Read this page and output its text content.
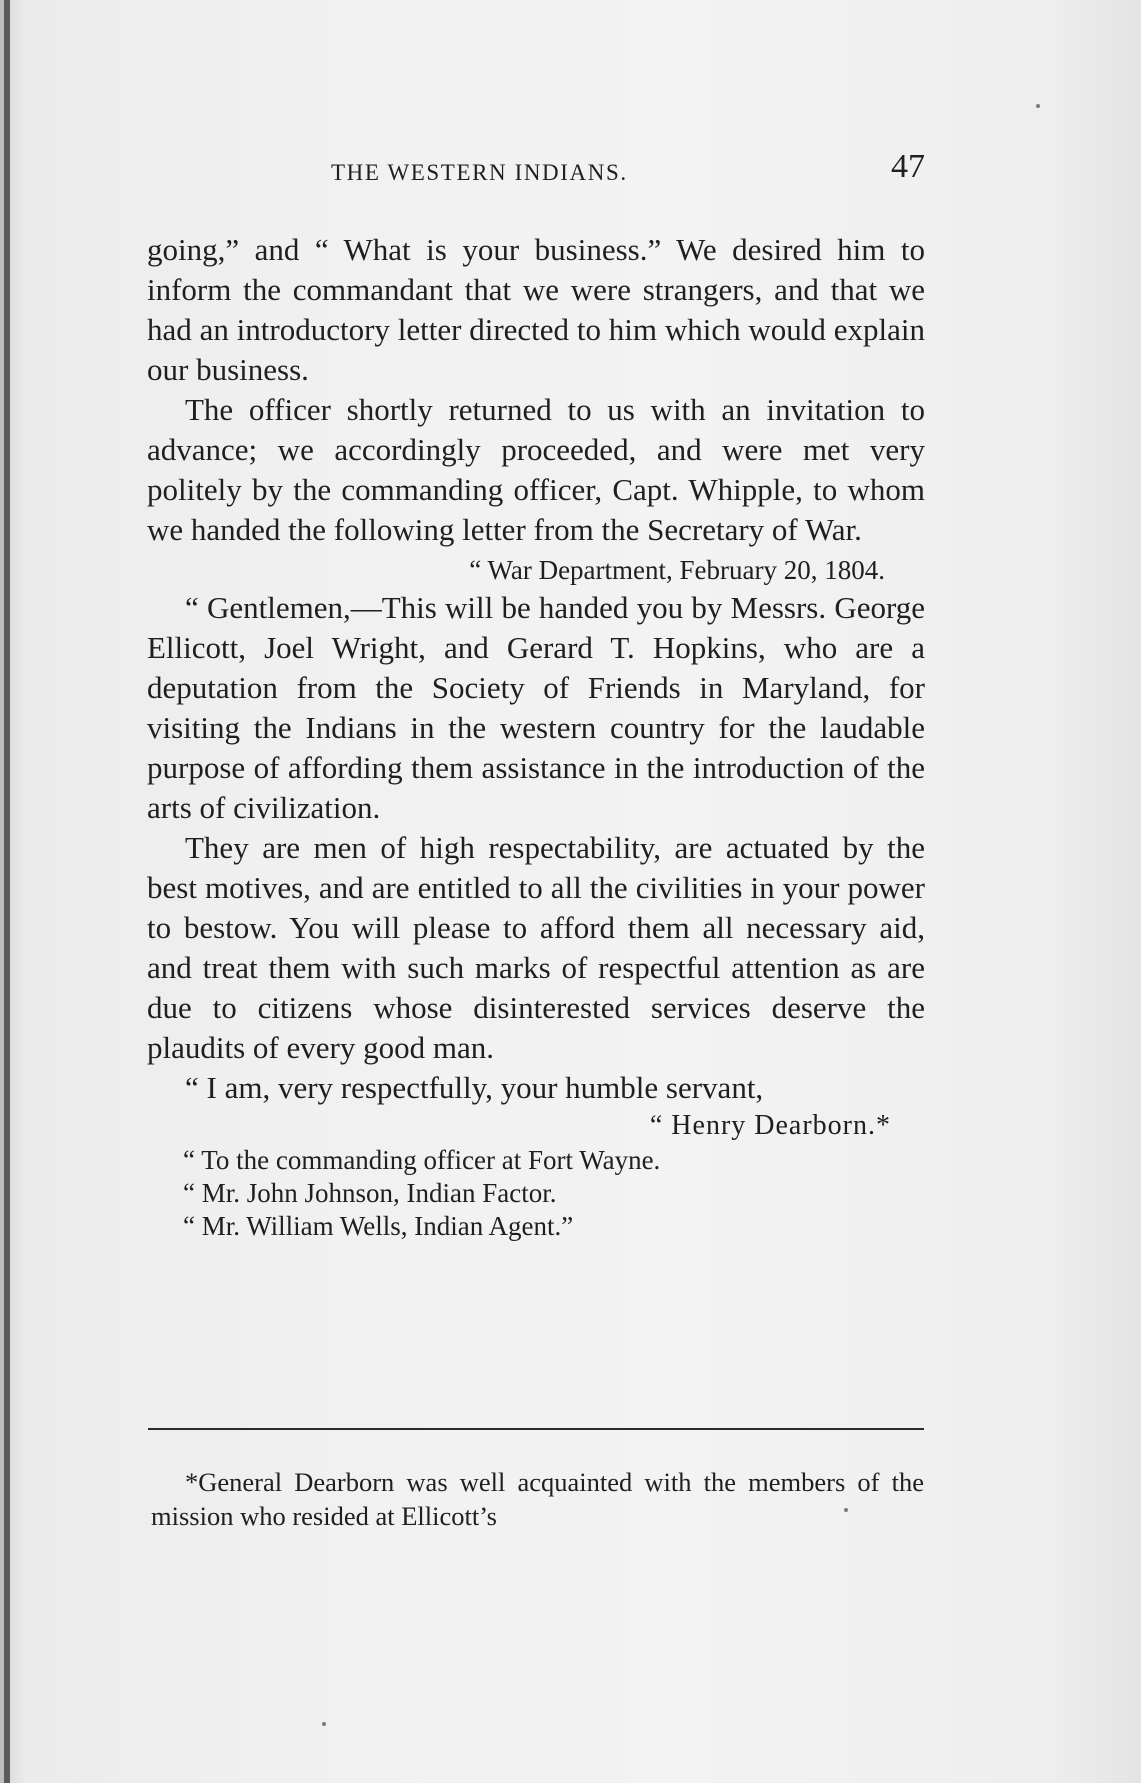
THE WESTERN INDIANS.	47

going,” and “ What is your business.” We desired him to inform the commandant that we were strangers, and that we had an introductory letter directed to him which would explain our business.

The officer shortly returned to us with an invitation to advance; we accordingly proceeded, and were met very politely by the commanding officer, Capt. Whipple, to whom we handed the following letter from the Secretary of War.

“ War Department, February 20, 1804.

“ Gentlemen,—This will be handed you by Messrs. George Ellicott, Joel Wright, and Gerard T. Hopkins, who are a deputation from the Society of Friends in Maryland, for visiting the Indians in the western country for the laudable purpose of affording them assistance in the introduction of the arts of civilization.

They are men of high respectability, are actuated by the best motives, and are entitled to all the civilities in your power to bestow. You will please to afford them all necessary aid, and treat them with such marks of respectful attention as are due to citizens whose disinterested services deserve the plaudits of every good man.

“ I am, very respectfully, your humble servant,

“ Henry Dearborn.*

“ To the commanding officer at Fort Wayne.

“ Mr. John Johnson, Indian Factor.

“ Mr. William Wells, Indian Agent.”

*General Dearborn was well acquainted with the members of the mission who resided at Ellicott’s
